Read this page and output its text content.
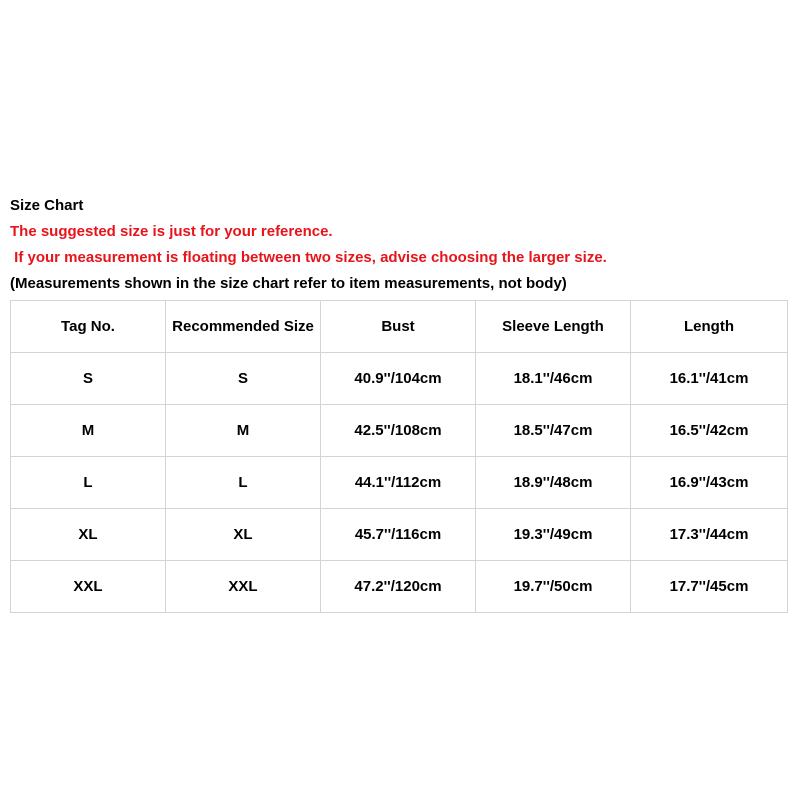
Size Chart
The suggested size is just for your reference.
If your measurement is floating between two sizes, advise choosing the larger size.
(Measurements shown in the size chart refer to item measurements, not body)
Tag No.	Recommended Size	Bust	Sleeve Length	Length
S	S	40.9''/104cm	18.1''/46cm	16.1''/41cm
M	M	42.5''/108cm	18.5''/47cm	16.5''/42cm
L	L	44.1''/112cm	18.9''/48cm	16.9''/43cm
XL	XL	45.7''/116cm	19.3''/49cm	17.3''/44cm
XXL	XXL	47.2''/120cm	19.7''/50cm	17.7''/45cm
